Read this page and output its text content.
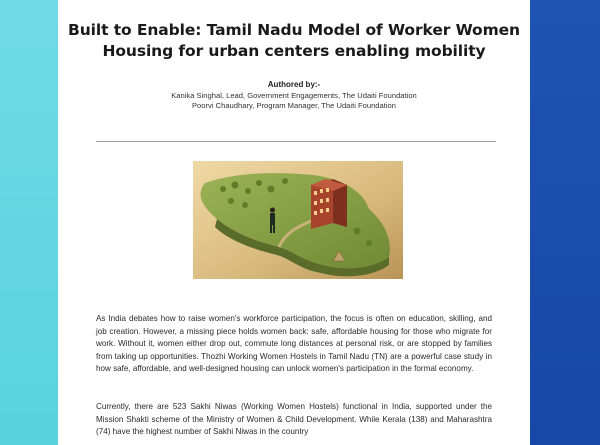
Built to Enable: Tamil Nadu Model of Worker Women
Housing for urban centers enabling mobility
Authored by:-
Kanika Singhal, Lead, Government Engagements, The Udaiti Foundation
Poorvi Chaudhary, Program Manager, The Udaiti Foundation
As India debates how to raise women's workforce participation, the focus is often on education, skilling, and job creation. However, a missing piece holds women back: safe, affordable housing for those who migrate for work. Without it, women either drop out, commute long distances at personal risk, or are stopped by families from taking up opportunities. Thozhi Working Women Hostels in Tamil Nadu (TN) are a powerful case study in how safe, affordable, and well-designed housing can unlock women's participation in the formal economy.
Currently, there are 523 Sakhi Niwas (Working Women Hostels) functional in India, supported under the Mission Shakti scheme of the Ministry of Women & Child Development. While Kerala (138) and Maharashtra (74) have the highest number of Sakhi Niwas in the country
